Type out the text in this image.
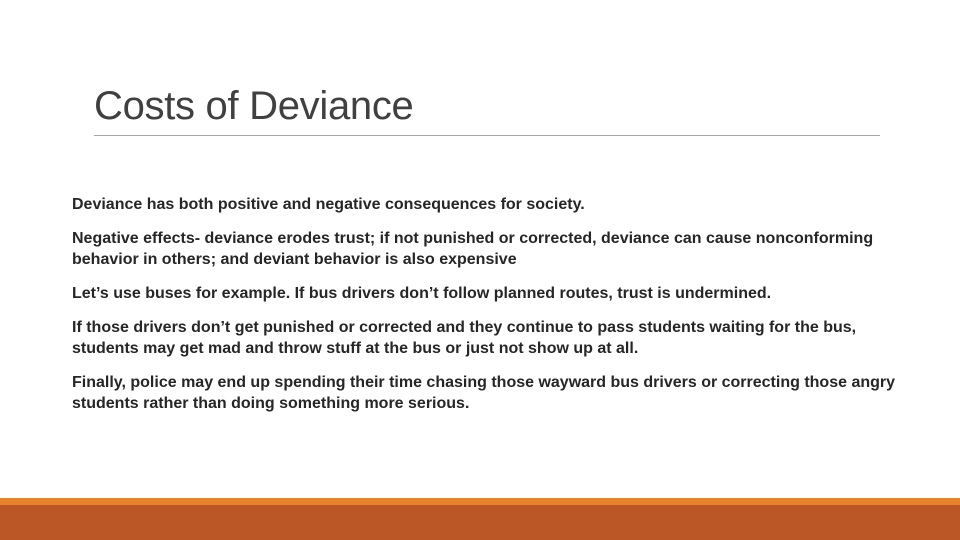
Costs of Deviance

Deviance has both positive and negative consequences for society.

Negative effects- deviance erodes trust; if not punished or corrected, deviance can cause nonconforming behavior in others; and deviant behavior is also expensive

Let’s use buses for example. If bus drivers don’t follow planned routes, trust is undermined.

If those drivers don’t get punished or corrected and they continue to pass students waiting for the bus, students may get mad and throw stuff at the bus or just not show up at all.

Finally, police may end up spending their time chasing those wayward bus drivers or correcting those angry students rather than doing something more serious.
